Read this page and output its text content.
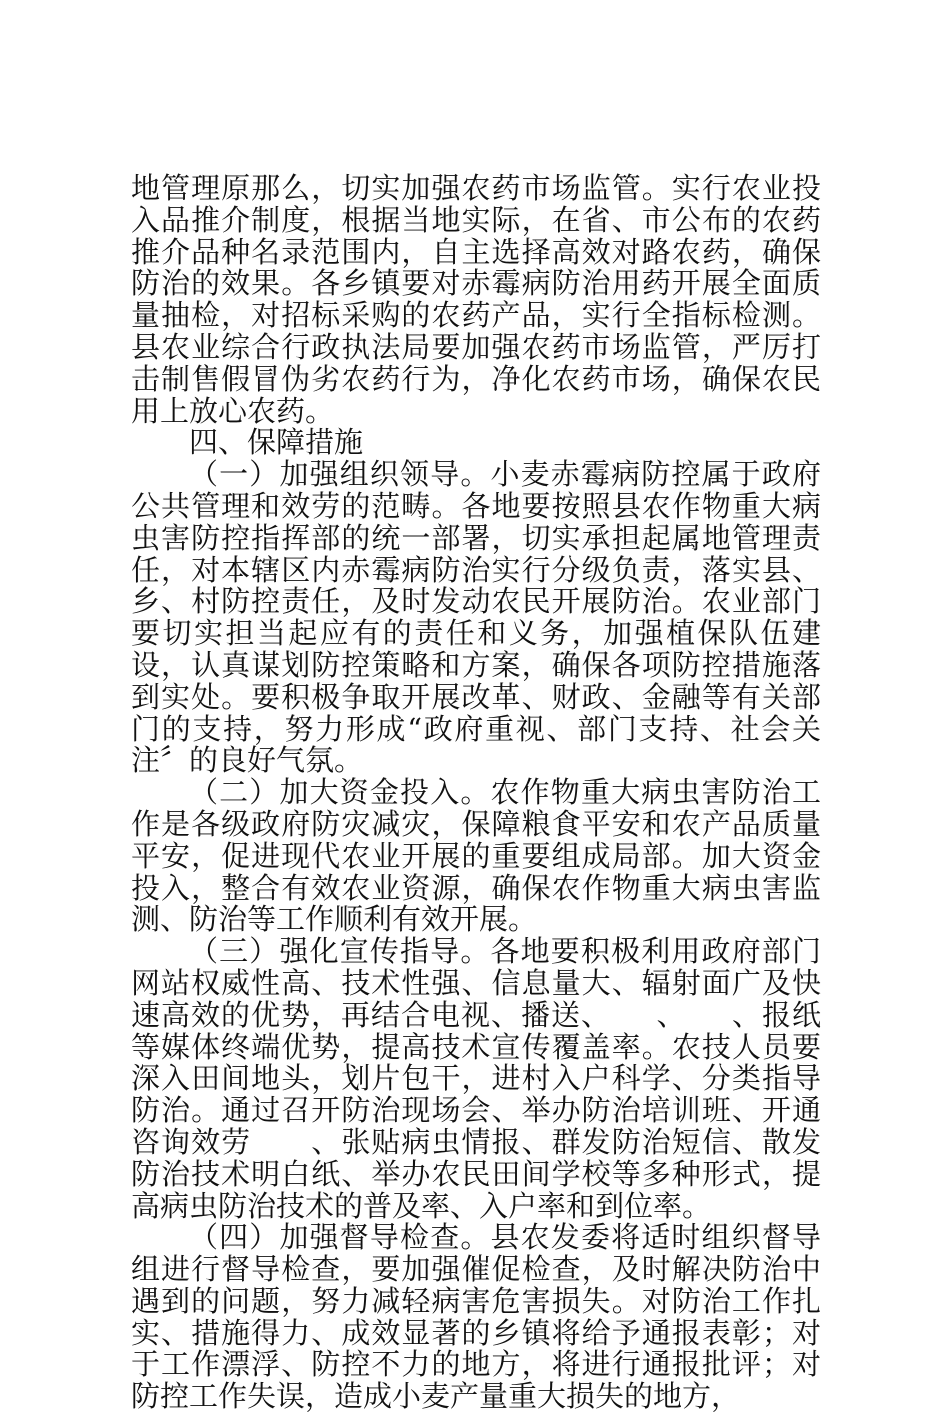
地管理原那么，切实加强农药市场监管。实行农业投入品推介制度，根据当地实际，在省、市公布的农药推介品种名录范围内，自主选择高效对路农药，确保防治的效果。各乡镇要对赤霉病防治用药开展全面质量抽检，对招标采购的农药产品，实行全指标检测。县农业综合行政执法局要加强农药市场监管，严厉打击制售假冒伪劣农药行为，净化农药市场，确保农民用上放心农药。

四、保障措施

（一）加强组织领导。小麦赤霉病防控属于政府公共管理和效劳的范畴。各地要按照县农作物重大病虫害防控指挥部的统一部署，切实承担起属地管理责任，对本辖区内赤霉病防治实行分级负责，落实县、乡、村防控责任，及时发动农民开展防治。农业部门要切实担当起应有的责任和义务，加强植保队伍建设，认真谋划防控策略和方案，确保各项防控措施落到实处。要积极争取开展改革、财政、金融等有关部门的支持，努力形成“政府重视、部门支持、社会关注〞的良好气氛。

（二）加大资金投入。农作物重大病虫害防治工作是各级政府防灾减灾，保障粮食平安和农产品质量平安，促进现代农业开展的重要组成局部。加大资金投入，整合有效农业资源，确保农作物重大病虫害监测、防治等工作顺利有效开展。

（三）强化宣传指导。各地要积极利用政府部门网站权威性高、技术性强、信息量大、辐射面广及快速高效的优势，再结合电视、播送、　　、　　、报纸等媒体终端优势，提高技术宣传覆盖率。农技人员要深入田间地头，划片包干，进村入户科学、分类指导防治。通过召开防治现场会、举办防治培训班、开通咨询效劳　　、张贴病虫情报、群发防治短信、散发防治技术明白纸、举办农民田间学校等多种形式，提高病虫防治技术的普及率、入户率和到位率。

（四）加强督导检查。县农发委将适时组织督导组进行督导检查，要加强催促检查，及时解决防治中遇到的问题，努力减轻病害危害损失。对防治工作扎实、措施得力、成效显著的乡镇将给予通报表彰；对于工作漂浮、防控不力的地方，将进行通报批评；对防控工作失误，造成小麦产量重大损失的地方，
